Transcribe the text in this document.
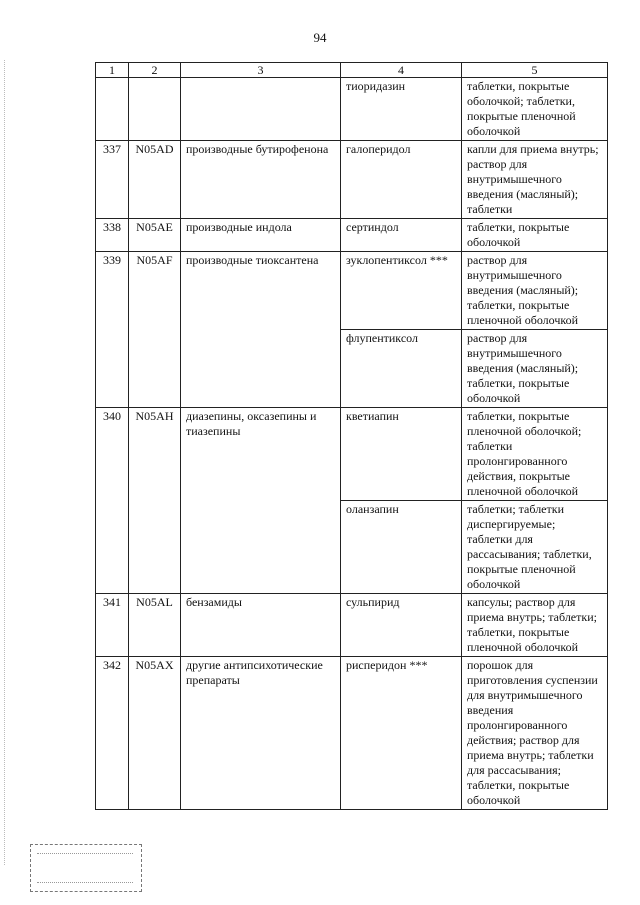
94
1	2	3	4	5
			тиоридазин	таблетки, покрытые оболочкой; таблетки, покрытые пленочной оболочкой
337	N05AD	производные бутирофенона	галоперидол	капли для приема внутрь; раствор для внутримышечного введения (масляный); таблетки
338	N05AE	производные индола	сертиндол	таблетки, покрытые оболочкой
339	N05AF	производные тиоксантена	зуклопентиксол ***	раствор для внутримышечного введения (масляный); таблетки, покрытые пленочной оболочкой
			флупентиксол	раствор для внутримышечного введения (масляный); таблетки, покрытые оболочкой
340	N05AH	диазепины, оксазепины и тиазепины	кветиапин	таблетки, покрытые пленочной оболочкой; таблетки пролонгированного действия, покрытые пленочной оболочкой
			оланзапин	таблетки; таблетки диспергируемые; таблетки для рассасывания; таблетки, покрытые пленочной оболочкой
341	N05AL	бензамиды	сульпирид	капсулы; раствор для приема внутрь; таблетки; таблетки, покрытые пленочной оболочкой
342	N05AX	другие антипсихотические препараты	рисперидон ***	порошок для приготовления суспензии для внутримышечного введения пролонгированного действия; раствор для приема внутрь; таблетки для рассасывания; таблетки, покрытые оболочкой
